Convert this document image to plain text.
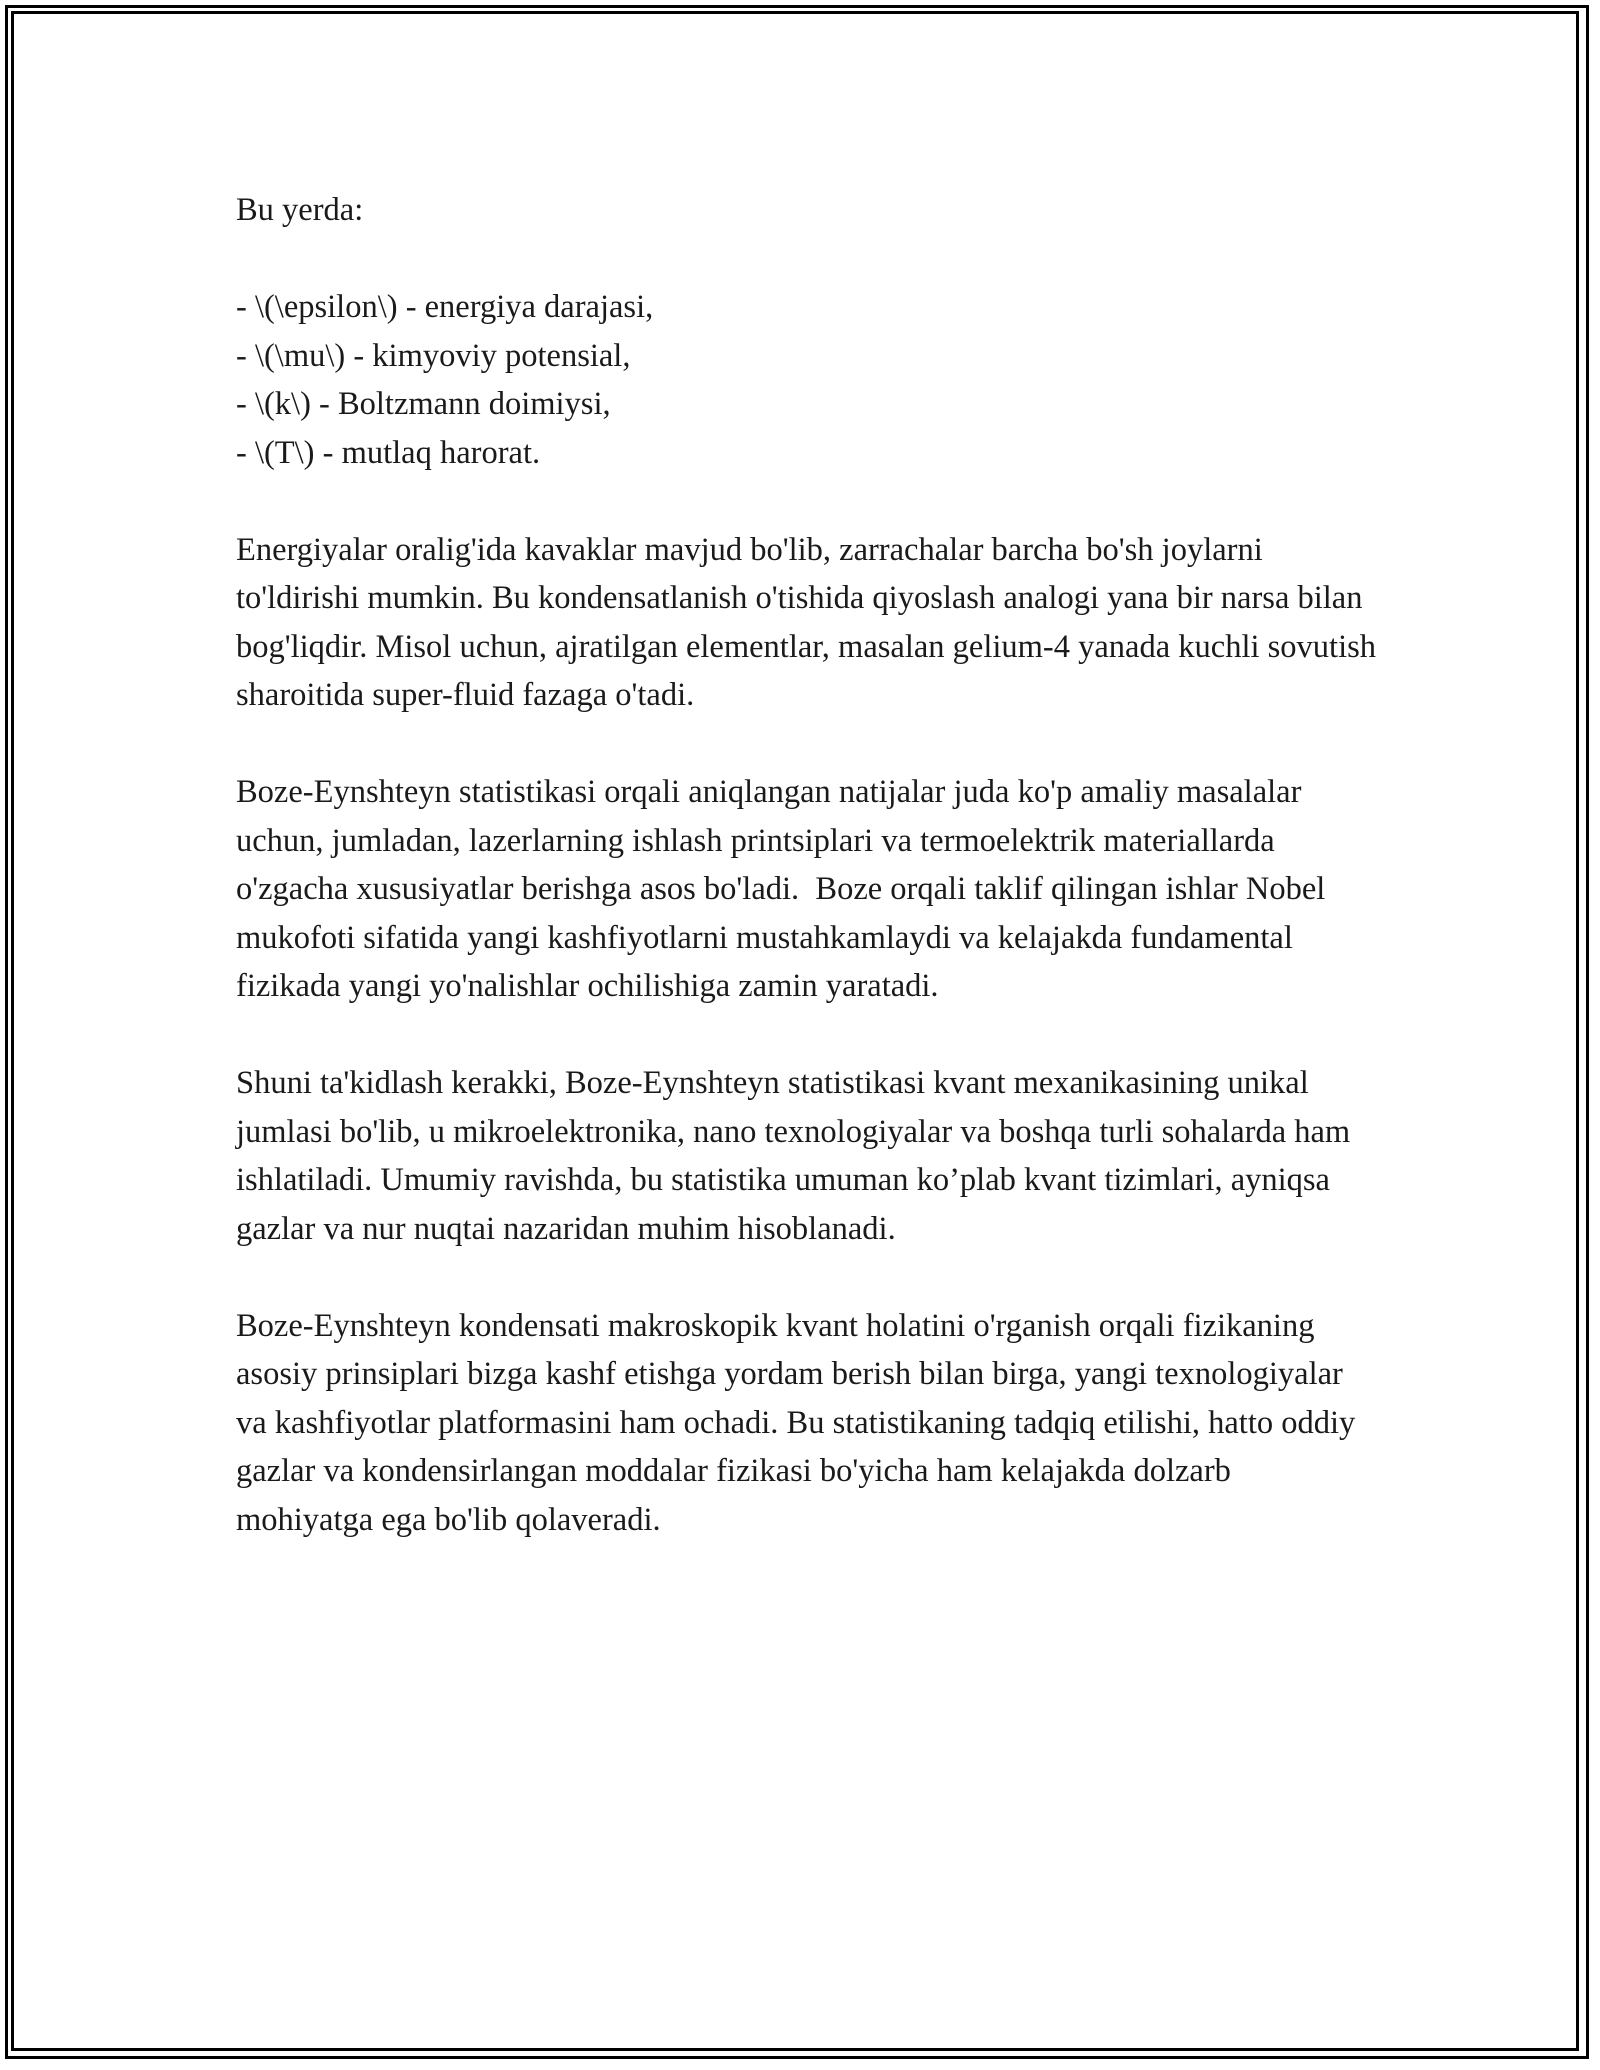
Bu yerda:

- \(\epsilon\) - energiya darajasi,
- \(\mu\) - kimyoviy potensial,
- \(k\) - Boltzmann doimiysi,
- \(T\) - mutlaq harorat.

Energiyalar oralig'ida kavaklar mavjud bo'lib, zarrachalar barcha bo'sh joylarni to'ldirishi mumkin. Bu kondensatlanish o'tishida qiyoslash analogi yana bir narsa bilan bog'liqdir. Misol uchun, ajratilgan elementlar, masalan gelium-4 yanada kuchli sovutish sharoitida super-fluid fazaga o'tadi.

Boze-Eynshteyn statistikasi orqali aniqlangan natijalar juda ko'p amaliy masalalar uchun, jumladan, lazerlarning ishlash printsiplari va termoelektrik materiallarda o'zgacha xususiyatlar berishga asos bo'ladi.  Boze orqali taklif qilingan ishlar Nobel mukofoti sifatida yangi kashfiyotlarni mustahkamlaydi va kelajakda fundamental fizikada yangi yo'nalishlar ochilishiga zamin yaratadi.

Shuni ta'kidlash kerakki, Boze-Eynshteyn statistikasi kvant mexanikasining unikal jumlasi bo'lib, u mikroelektronika, nano texnologiyalar va boshqa turli sohalarda ham ishlatiladi. Umumiy ravishda, bu statistika umuman ko’plab kvant tizimlari, ayniqsa gazlar va nur nuqtai nazaridan muhim hisoblanadi.

Boze-Eynshteyn kondensati makroskopik kvant holatini o'rganish orqali fizikaning asosiy prinsiplari bizga kashf etishga yordam berish bilan birga, yangi texnologiyalar va kashfiyotlar platformasini ham ochadi. Bu statistikaning tadqiq etilishi, hatto oddiy gazlar va kondensirlangan moddalar fizikasi bo'yicha ham kelajakda dolzarb mohiyatga ega bo'lib qolaveradi.
